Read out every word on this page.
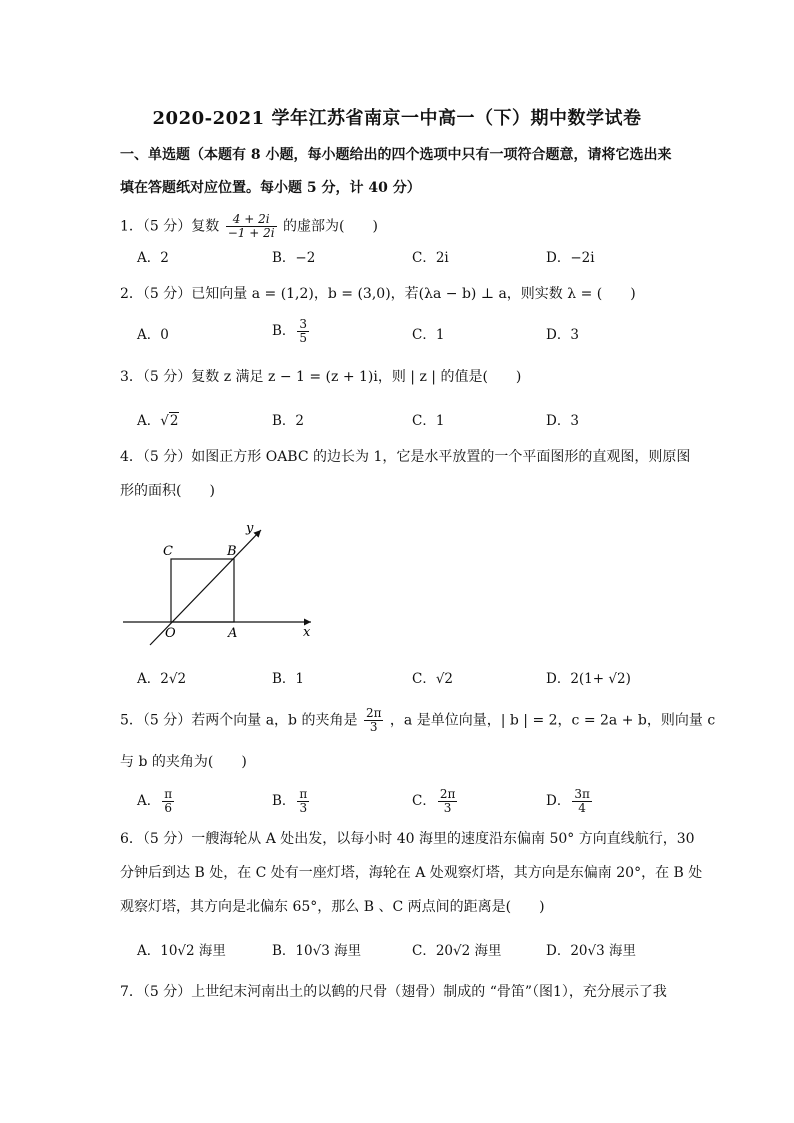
2020-2021 学年江苏省南京一中高一（下）期中数学试卷
一、单选题（本题有 8 小题，每小题给出的四个选项中只有一项符合题意，请将它选出来
填在答题纸对应位置。每小题 5 分，计 40 分）
1．（5 分）复数 $\frac{4 + 2i}{-1 + 2i}$ 的虚部为(　　)
A．2	B．−2	C．2i	D．−2i
2．（5 分）已知向量 a = (1,2)，b = (3,0)，若(λa − b) ⊥ a，则实数 λ = (　　)
A．0	B． $\frac{3}{5}$	C．1	D．3
3．（5 分）复数 z 满足 z − 1 = (z + 1)i，则 | z | 的值是(　　)
A．√2	B．2	C．1	D．3
4．（5 分）如图正方形 OABC 的边长为 1，它是水平放置的一个平面图形的直观图，则原图
形的面积(　　)
C	B
O	A	x
y
A．2√2	B．1	C．√2	D．2(1+ √2)
5．（5 分）若两个向量 a，b 的夹角是 $\frac{2\pi}{3}$ ，a 是单位向量，| b | = 2，c = 2a + b，则向量 c
与 b 的夹角为(　　)
A． $\frac{\pi}{6}$	B． $\frac{\pi}{3}$	C． $\frac{2\pi}{3}$	D． $\frac{3\pi}{4}$
6．（5 分）一艘海轮从 A 处出发，以每小时 40 海里的速度沿东偏南 50° 方向直线航行，30
分钟后到达 B 处，在 C 处有一座灯塔，海轮在 A 处观察灯塔，其方向是东偏南 20°，在 B 处
观察灯塔，其方向是北偏东 65°，那么 B 、C 两点间的距离是(　　)
A．10√2 海里	B．10√3 海里	C．20√2 海里	D．20√3 海里
7．（5 分）上世纪末河南出土的以鹤的尺骨（翅骨）制成的 “骨笛”（图1），充分展示了我
